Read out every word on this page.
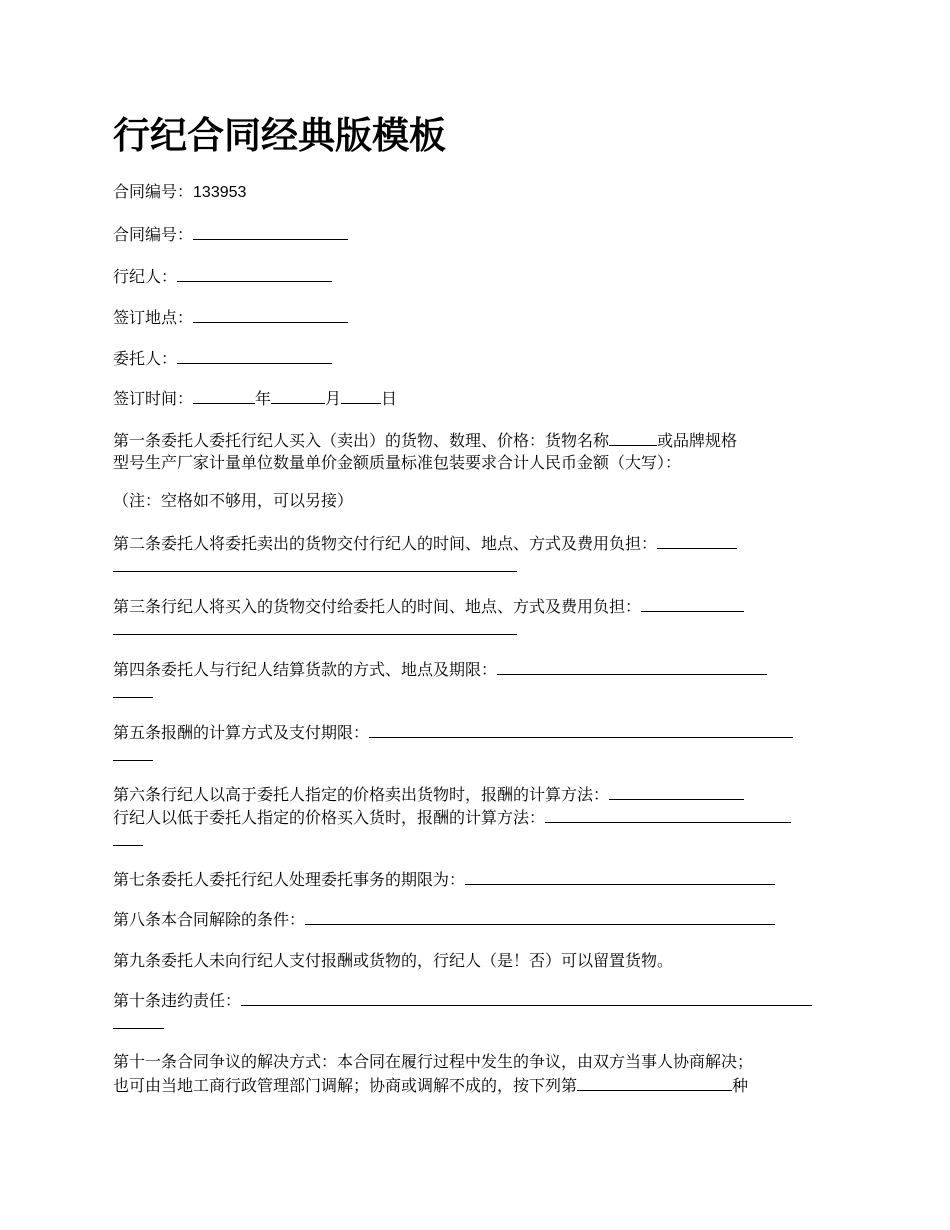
行纪合同经典版模板
合同编号：133953
合同编号：
行纪人：
签订地点：
委托人：
签订时间：	年	月	日
第一条委托人委托行纪人买入（卖出）的货物、数理、价格：货物名称	或品牌规格
型号生产厂家计量单位数量单价金额质量标准包装要求合计人民币金额（大写）：
（注：空格如不够用，可以另接）
第二条委托人将委托卖出的货物交付行纪人的时间、地点、方式及费用负担：
第三条行纪人将买入的货物交付给委托人的时间、地点、方式及费用负担：
第四条委托人与行纪人结算货款的方式、地点及期限：
第五条报酬的计算方式及支付期限：
第六条行纪人以高于委托人指定的价格卖出货物时，报酬的计算方法：
行纪人以低于委托人指定的价格买入货时，报酬的计算方法：
第七条委托人委托行纪人处理委托事务的期限为：
第八条本合同解除的条件：
第九条委托人未向行纪人支付报酬或货物的，行纪人（是！否）可以留置货物。
第十条违约责任：
第十一条合同争议的解决方式：本合同在履行过程中发生的争议，由双方当事人协商解决；
也可由当地工商行政管理部门调解；协商或调解不成的，按下列第	种
